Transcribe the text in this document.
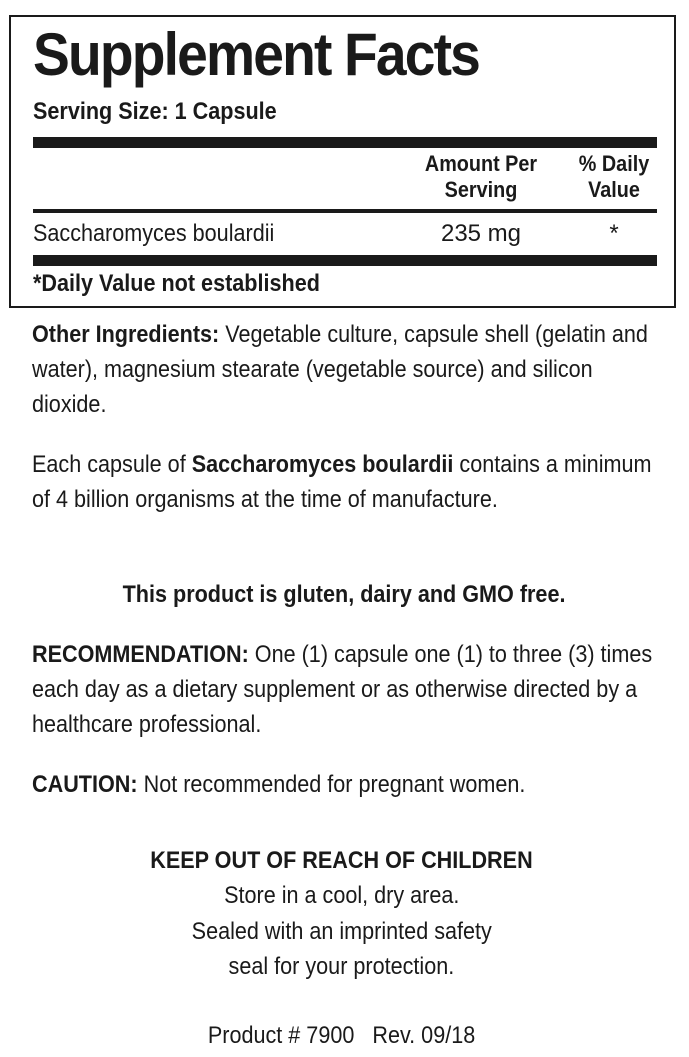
Supplement Facts
Serving Size: 1 Capsule
Amount Per
Serving
% Daily
Value
Saccharomyces boulardii	235 mg	*
*Daily Value not established

Other Ingredients: Vegetable culture, capsule shell (gelatin and water), magnesium stearate (vegetable source) and silicon dioxide.

Each capsule of Saccharomyces boulardii contains a minimum of 4 billion organisms at the time of manufacture.

This product is gluten, dairy and GMO free.

RECOMMENDATION: One (1) capsule one (1) to three (3) times each day as a dietary supplement or as otherwise directed by a healthcare professional.

CAUTION: Not recommended for pregnant women.

KEEP OUT OF REACH OF CHILDREN
Store in a cool, dry area.
Sealed with an imprinted safety
seal for your protection.
Product # 7900   Rev. 09/18
